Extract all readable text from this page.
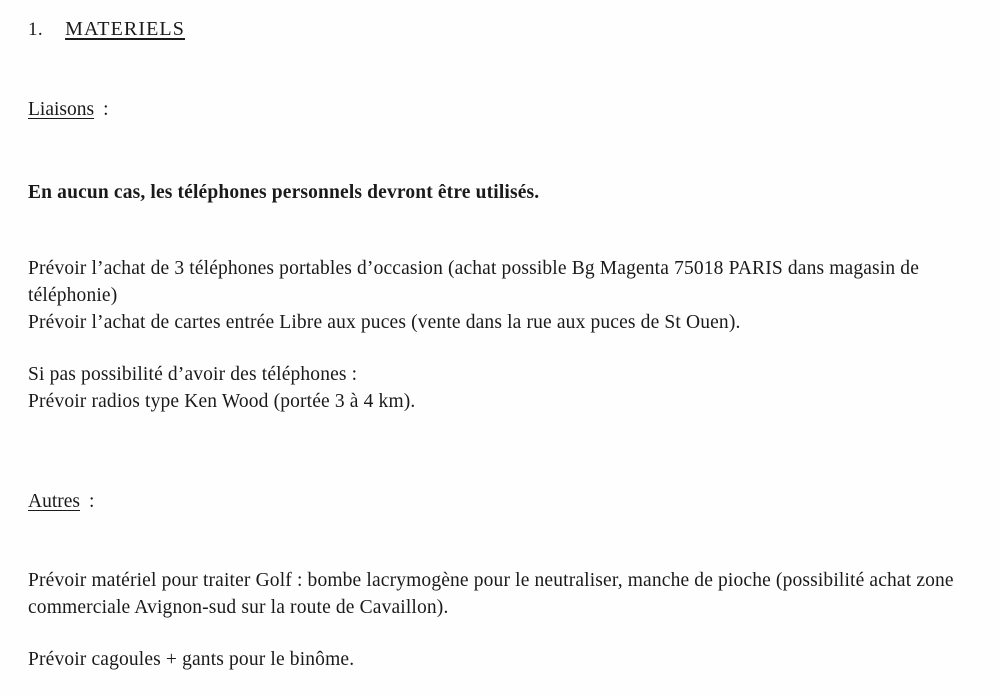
1. MATERIELS
Liaisons :
En aucun cas, les téléphones personnels devront être utilisés.
Prévoir l’achat de 3 téléphones portables d’occasion (achat possible Bg Magenta 75018 PARIS dans magasin de téléphonie)
Prévoir l’achat de cartes entrée Libre aux puces (vente dans la rue aux puces de St Ouen).
Si pas possibilité d’avoir des téléphones :
Prévoir radios type Ken Wood (portée 3 à 4 km).
Autres :
Prévoir matériel pour traiter Golf : bombe lacrymogène pour le neutraliser, manche de pioche (possibilité achat zone commerciale Avignon-sud sur la route de Cavaillon).
Prévoir cagoules + gants pour le binôme.
